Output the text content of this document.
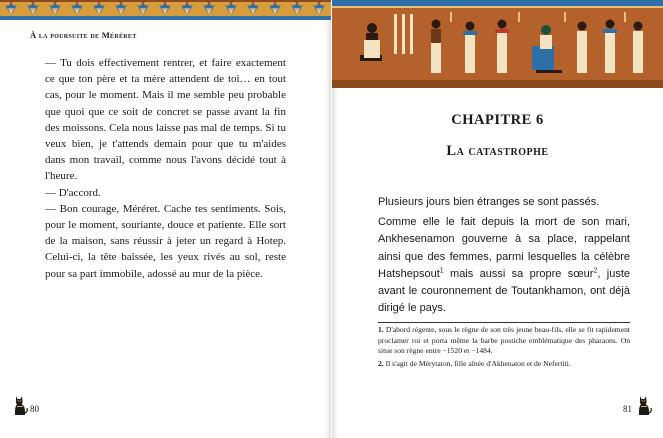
À la poursuite de Méréret

— Tu dois effectivement rentrer, et faire exactement ce que ton père et ta mère attendent de toi… en tout cas, pour le moment. Mais il me semble peu probable que quoi que ce soit de concret se passe avant la fin des moissons. Cela nous laisse pas mal de temps. Si tu veux bien, je t'attends demain pour que tu m'aides dans mon travail, comme nous l'avons décidé tout à l'heure.

— D'accord.

— Bon courage, Méréret. Cache tes sentiments. Sois, pour le moment, souriante, douce et patiente. Elle sort de la maison, sans réussir à jeter un regard à Hotep. Celui-ci, la tête baissée, les yeux rivés au sol, reste pour sa part immobile, adossé au mur de la pièce.

80
CHAPITRE 6
La catastrophe

Plusieurs jours bien étranges se sont passés.

Comme elle le fait depuis la mort de son mari, Ankhesenamon gouverne à sa place, rappelant ainsi que des femmes, parmi lesquelles la célèbre Hatshepsout$^1$ mais aussi sa propre sœur$^2$, juste avant le couronnement de Toutankhamon, ont déjà dirigé le pays.

1. D'abord régente, sous le règne de son très jeune beau-fils, elle se fit rapidement proclamer roi et porta même la barbe postiche emblématique des pharaons. On situe son règne entre −1520 et −1484.

2. Il s'agit de Mérytaton, fille aînée d'Akhenaton et de Nefertiti.

81
